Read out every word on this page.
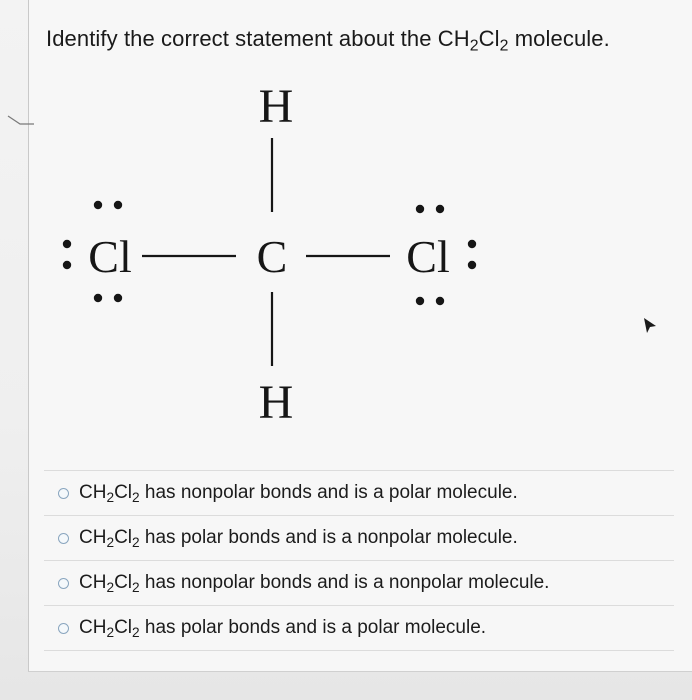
Identify the correct statement about the $CH_2Cl_2$ molecule.
H
C
H
Cl	Cl
$CH_2Cl_2$ has nonpolar bonds and is a polar molecule.
$CH_2Cl_2$ has polar bonds and is a nonpolar molecule.
$CH_2Cl_2$ has nonpolar bonds and is a nonpolar molecule.
$CH_2Cl_2$ has polar bonds and is a polar molecule.
